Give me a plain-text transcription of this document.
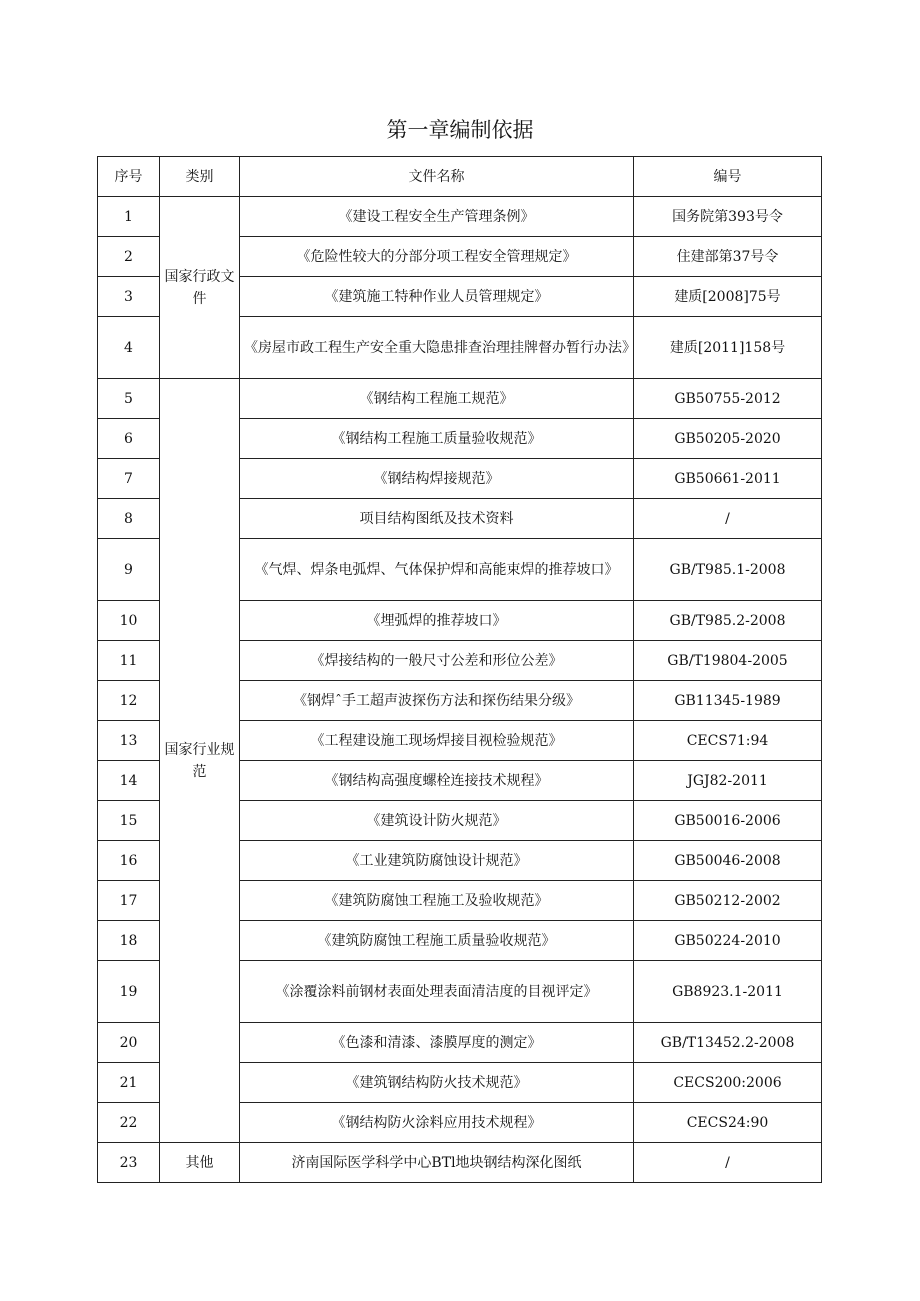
第一章编制依据
序号	类别	文件名称	编号
1	国家行政文件	《建设工程安全生产管理条例》	国务院第393号令
2		《危险性较大的分部分项工程安全管理规定》	住建部第37号令
3		《建筑施工特种作业人员管理规定》	建质[2008]75号
4		《房屋市政工程生产安全重大隐患排查治理挂牌督办暂行办法》	建质[2011]158号
5	国家行业规范	《钢结构工程施工规范》	GB50755-2012
6		《钢结构工程施工质量验收规范》	GB50205-2020
7		《钢结构焊接规范》	GB50661-2011
8		项目结构图纸及技术资料	/
9		《气焊、焊条电弧焊、气体保护焊和高能束焊的推荐坡口》	GB/T985.1-2008
10		《埋弧焊的推荐坡口》	GB/T985.2-2008
11		《焊接结构的一般尺寸公差和形位公差》	GB/T19804-2005
12		《钢焊ˆ手工超声波探伤方法和探伤结果分级》	GB11345-1989
13		《工程建设施工现场焊接目视检验规范》	CECS71:94
14		《钢结构高强度螺栓连接技术规程》	JGJ82-2011
15		《建筑设计防火规范》	GB50016-2006
16		《工业建筑防腐蚀设计规范》	GB50046-2008
17		《建筑防腐蚀工程施工及验收规范》	GB50212-2002
18		《建筑防腐蚀工程施工质量验收规范》	GB50224-2010
19		《涂覆涂料前钢材表面处理表面清洁度的目视评定》	GB8923.1-2011
20		《色漆和清漆、漆膜厚度的测定》	GB/T13452.2-2008
21		《建筑钢结构防火技术规范》	CECS200:2006
22		《钢结构防火涂料应用技术规程》	CECS24:90
23	其他	济南国际医学科学中心BTl地块钢结构深化图纸	/
